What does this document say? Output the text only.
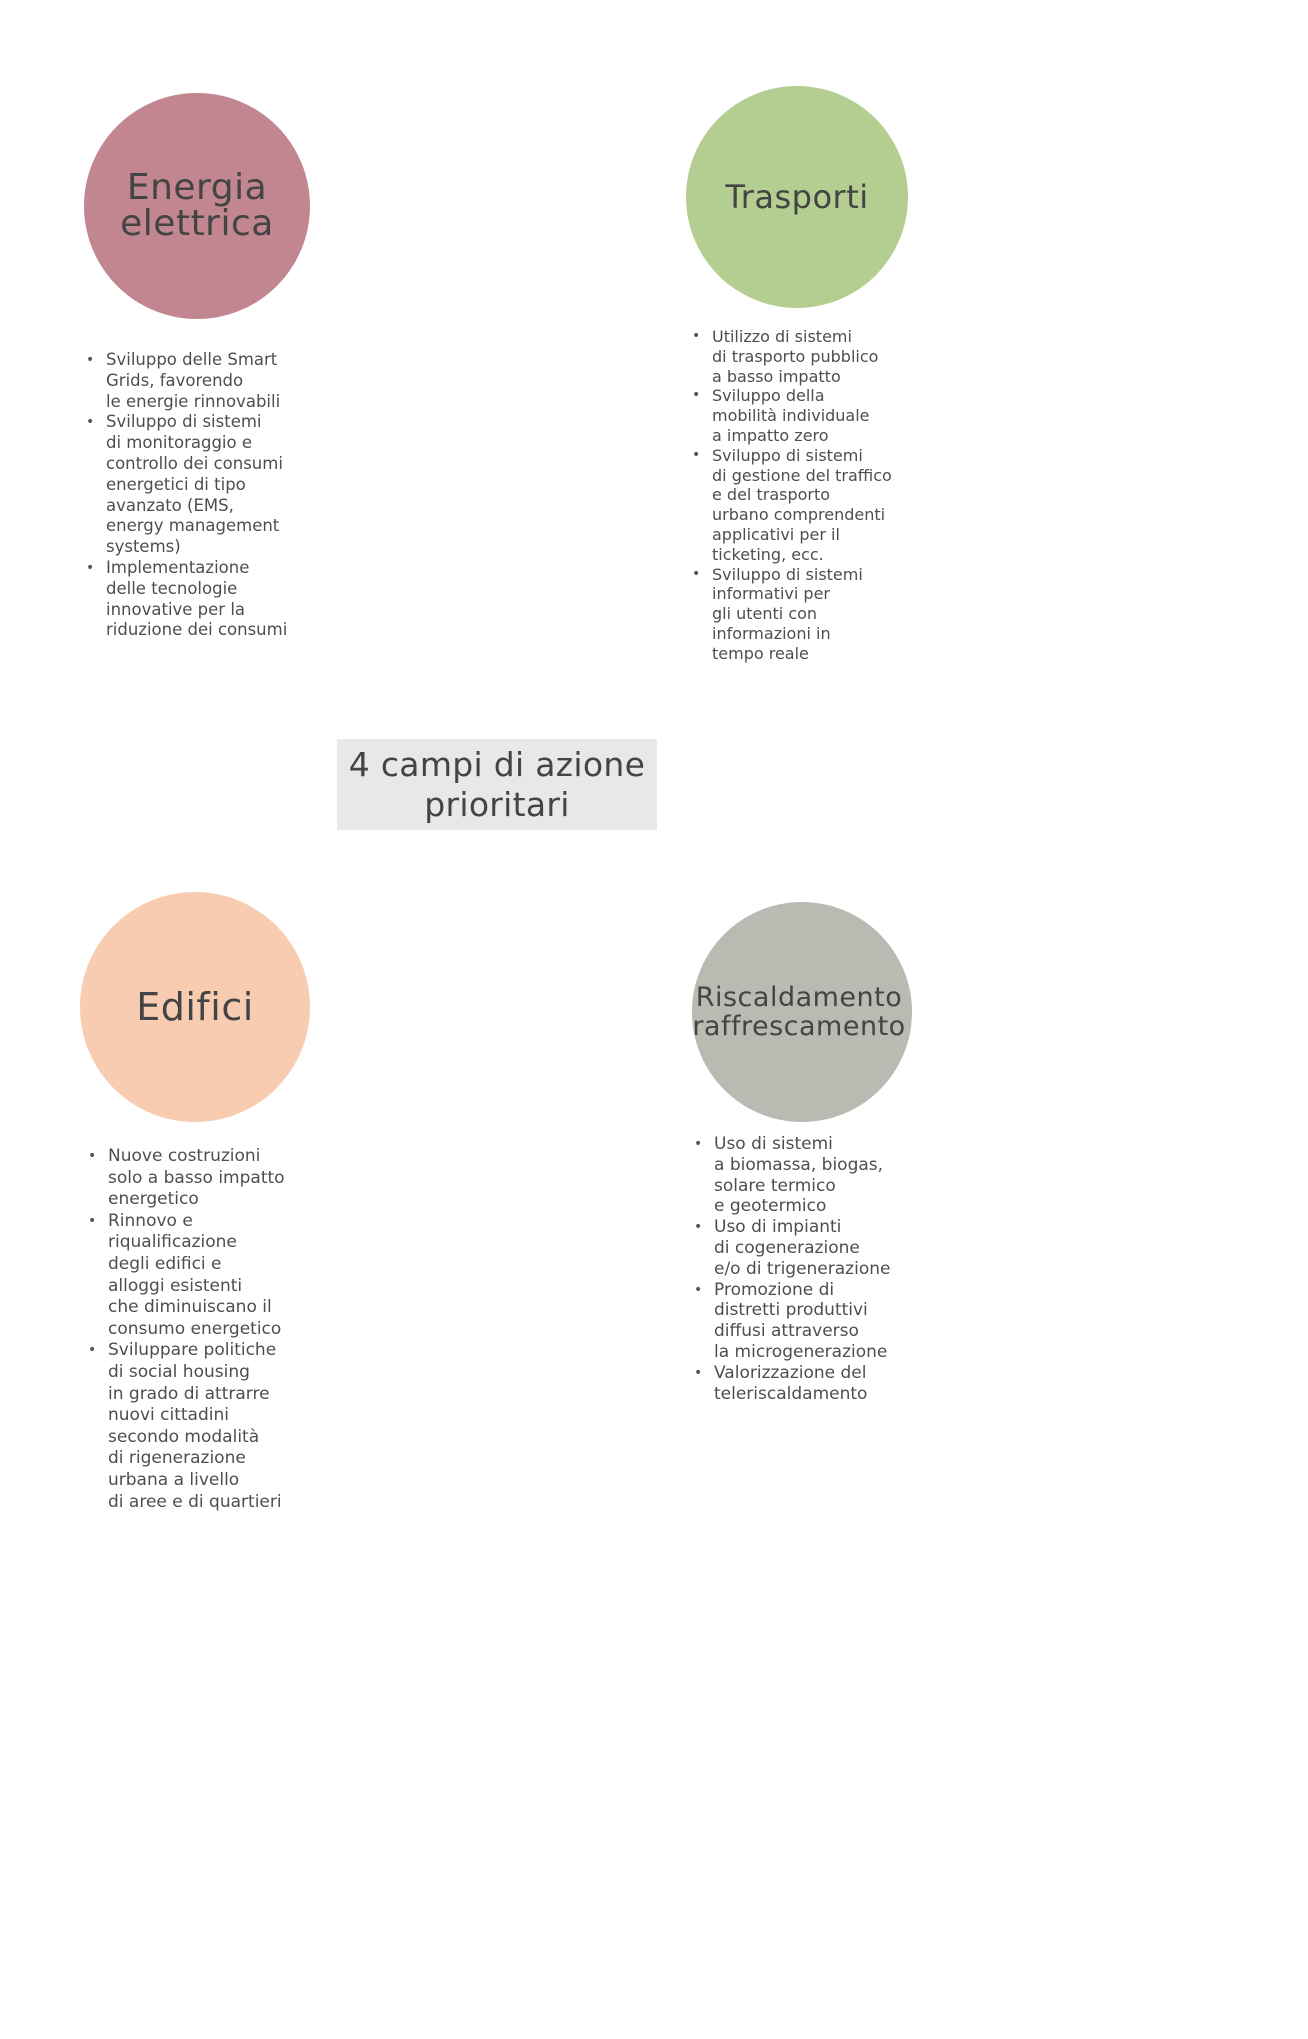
Energia
elettrica
• Sviluppo delle Smart
Grids, favorendo
le energie rinnovabili
• Sviluppo di sistemi
di monitoraggio e
controllo dei consumi
energetici di tipo
avanzato (EMS,
energy management
systems)
• Implementazione
delle tecnologie
innovative per la
riduzione dei consumi
Trasporti
• Utilizzo di sistemi
di trasporto pubblico
a basso impatto
• Sviluppo della
mobilità individuale
a impatto zero
• Sviluppo di sistemi
di gestione del traffico
e del trasporto
urbano comprendenti
applicativi per il
ticketing, ecc.
• Sviluppo di sistemi
informativi per
gli utenti con
informazioni in
tempo reale
4 campi di azione
prioritari
Edifici
• Nuove costruzioni
solo a basso impatto
energetico
• Rinnovo e
riqualificazione
degli edifici e
alloggi esistenti
che diminuiscano il
consumo energetico
• Sviluppare politiche
di social housing
in grado di attrarre
nuovi cittadini
secondo modalità
di rigenerazione
urbana a livello
di aree e di quartieri
Riscaldamento
raffrescamento
• Uso di sistemi
a biomassa, biogas,
solare termico
e geotermico
• Uso di impianti
di cogenerazione
e/o di trigenerazione
• Promozione di
distretti produttivi
diffusi attraverso
la microgenerazione
• Valorizzazione del
teleriscaldamento
